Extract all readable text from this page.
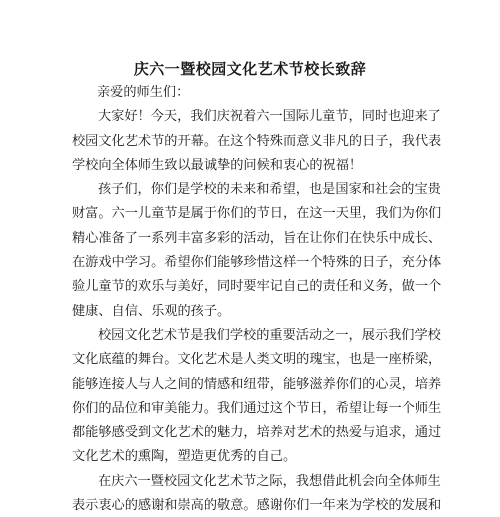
庆六一暨校园文化艺术节校长致辞

亲爱的师生们：

大家好！今天，我们庆祝着六一国际儿童节，同时也迎来了
校园文化艺术节的开幕。在这个特殊而意义非凡的日子，我代表
学校向全体师生致以最诚挚的问候和衷心的祝福！

孩子们，你们是学校的未来和希望，也是国家和社会的宝贵
财富。六一儿童节是属于你们的节日，在这一天里，我们为你们
精心准备了一系列丰富多彩的活动，旨在让你们在快乐中成长、
在游戏中学习。希望你们能够珍惜这样一个特殊的日子，充分体
验儿童节的欢乐与美好，同时要牢记自己的责任和义务，做一个
健康、自信、乐观的孩子。

校园文化艺术节是我们学校的重要活动之一，展示我们学校
文化底蕴的舞台。文化艺术是人类文明的瑰宝，也是一座桥梁，
能够连接人与人之间的情感和纽带，能够滋养你们的心灵，培养
你们的品位和审美能力。我们通过这个节日，希望让每一个师生
都能够感受到文化艺术的魅力，培养对艺术的热爱与追求，通过
文化艺术的熏陶，塑造更优秀的自己。

在庆六一暨校园文化艺术节之际，我想借此机会向全体师生
表示衷心的感谢和崇高的敬意。感谢你们一年来为学校的发展和
